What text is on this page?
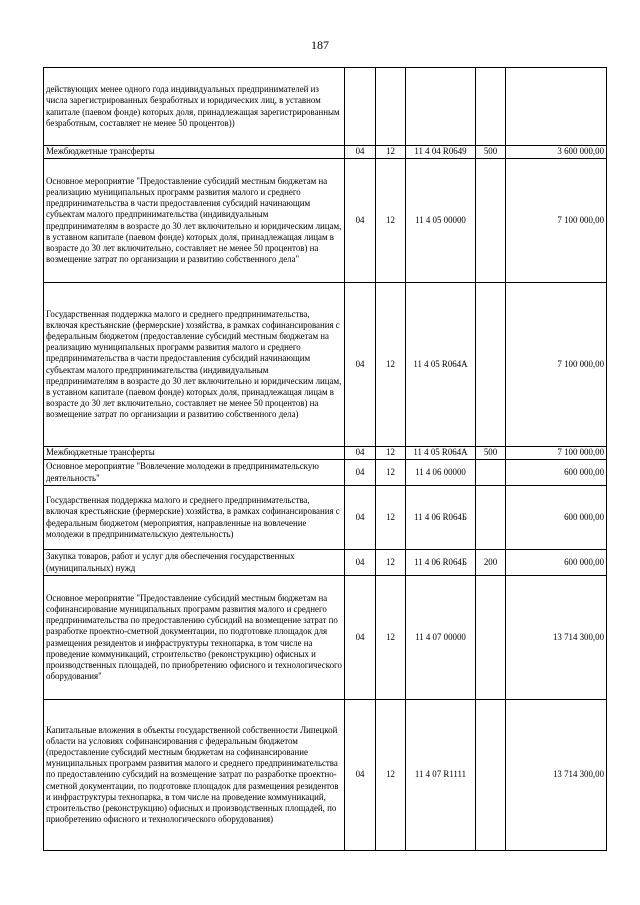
187
действующих менее одного года индивидуальных предпринимателей из числа зарегистрированных безработных и юридических лиц, в уставном капитале (паевом фонде) которых доля, принадлежащая зарегистрированным безработным, составляет не менее 50 процентов))					
Межбюджетные трансферты	04	12	11 4 04 R0649	500	3 600 000,00
Основное мероприятие "Предоставление субсидий местным бюджетам на реализацию муниципальных программ развития малого и среднего предпринимательства в части предоставления субсидий начинающим субъектам малого предпринимательства (индивидуальным предпринимателям в возрасте до 30 лет включительно и юридическим лицам, в уставном капитале (паевом фонде) которых доля, принадлежащая лицам в возрасте до 30 лет включительно, составляет не менее 50 процентов) на возмещение затрат по организации и развитию собственного дела"	04	12	11 4 05 00000		7 100 000,00
Государственная поддержка малого и среднего предпринимательства, включая крестьянские (фермерские) хозяйства, в рамках софинансирования с федеральным бюджетом (предоставление субсидий местным бюджетам на реализацию муниципальных программ развития малого и среднего предпринимательства в части предоставления субсидий начинающим субъектам малого предпринимательства (индивидуальным предпринимателям в возрасте до 30 лет включительно и юридическим лицам, в уставном капитале (паевом фонде) которых доля, принадлежащая лицам в возрасте до 30 лет включительно, составляет не менее 50 процентов) на возмещение затрат по организации и развитию собственного дела)	04	12	11 4 05 R064A		7 100 000,00
Межбюджетные трансферты	04	12	11 4 05 R064A	500	7 100 000,00
Основное мероприятие "Вовлечение молодежи в предпринимательскую деятельность"	04	12	11 4 06 00000		600 000,00
Государственная поддержка малого и среднего предпринимательства, включая крестьянские (фермерские) хозяйства, в рамках софинансирования с федеральным бюджетом (мероприятия, направленные на вовлечение молодежи в предпринимательскую деятельность)	04	12	11 4 06 R064Б		600 000,00
Закупка товаров, работ и услуг для обеспечения государственных (муниципальных) нужд	04	12	11 4 06 R064Б	200	600 000,00
Основное мероприятие "Предоставление субсидий местным бюджетам на софинансирование муниципальных программ развития малого и среднего предпринимательства по предоставлению субсидий на возмещение затрат по разработке проектно-сметной документации, по подготовке площадок для размещения резидентов и инфраструктуры технопарка, в том числе на проведение коммуникаций, строительство (реконструкцию) офисных и производственных площадей, по приобретению офисного и технологического оборудования"	04	12	11 4 07 00000		13 714 300,00
Капитальные вложения в объекты государственной собственности Липецкой области на условиях софинансирования с федеральным бюджетом (предоставление субсидий местным бюджетам на софинансирование муниципальных программ развития малого и среднего предпринимательства по предоставлению субсидий на возмещение затрат по разработке проектно-сметной документации, по подготовке площадок для размещения резидентов и инфраструктуры технопарка, в том числе на проведение коммуникаций, строительство (реконструкцию) офисных и производственных площадей, по приобретению офисного и технологического оборудования)	04	12	11 4 07 R1111		13 714 300,00
